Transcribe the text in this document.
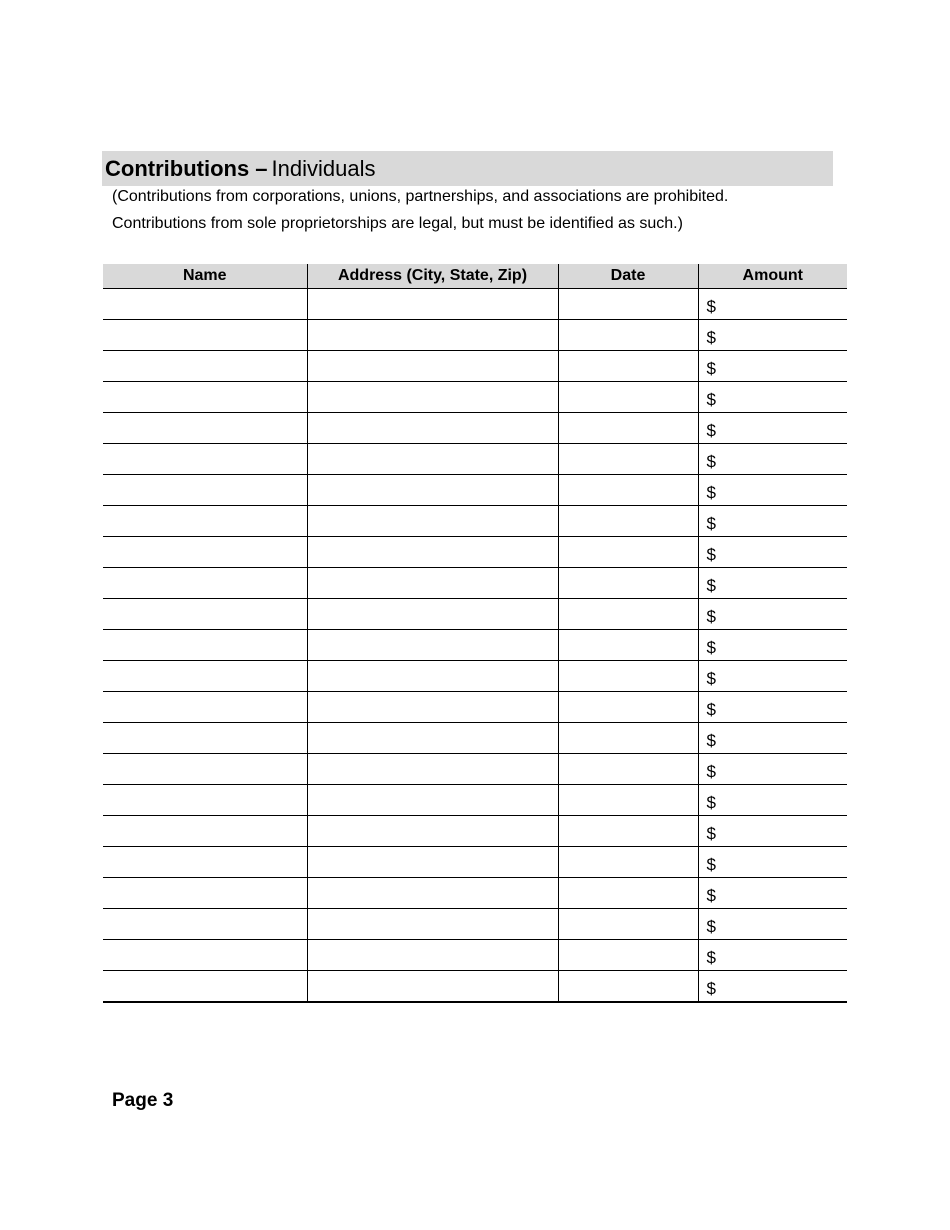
Contributions – Individuals
(Contributions from corporations, unions, partnerships, and associations are prohibited.
Contributions from sole proprietorships are legal, but must be identified as such.)
Name	Address (City, State, Zip)	Date	Amount
			$
			$
			$
			$
			$
			$
			$
			$
			$
			$
			$
			$
			$
			$
			$
			$
			$
			$
			$
			$
			$
			$
			$
Page 3
